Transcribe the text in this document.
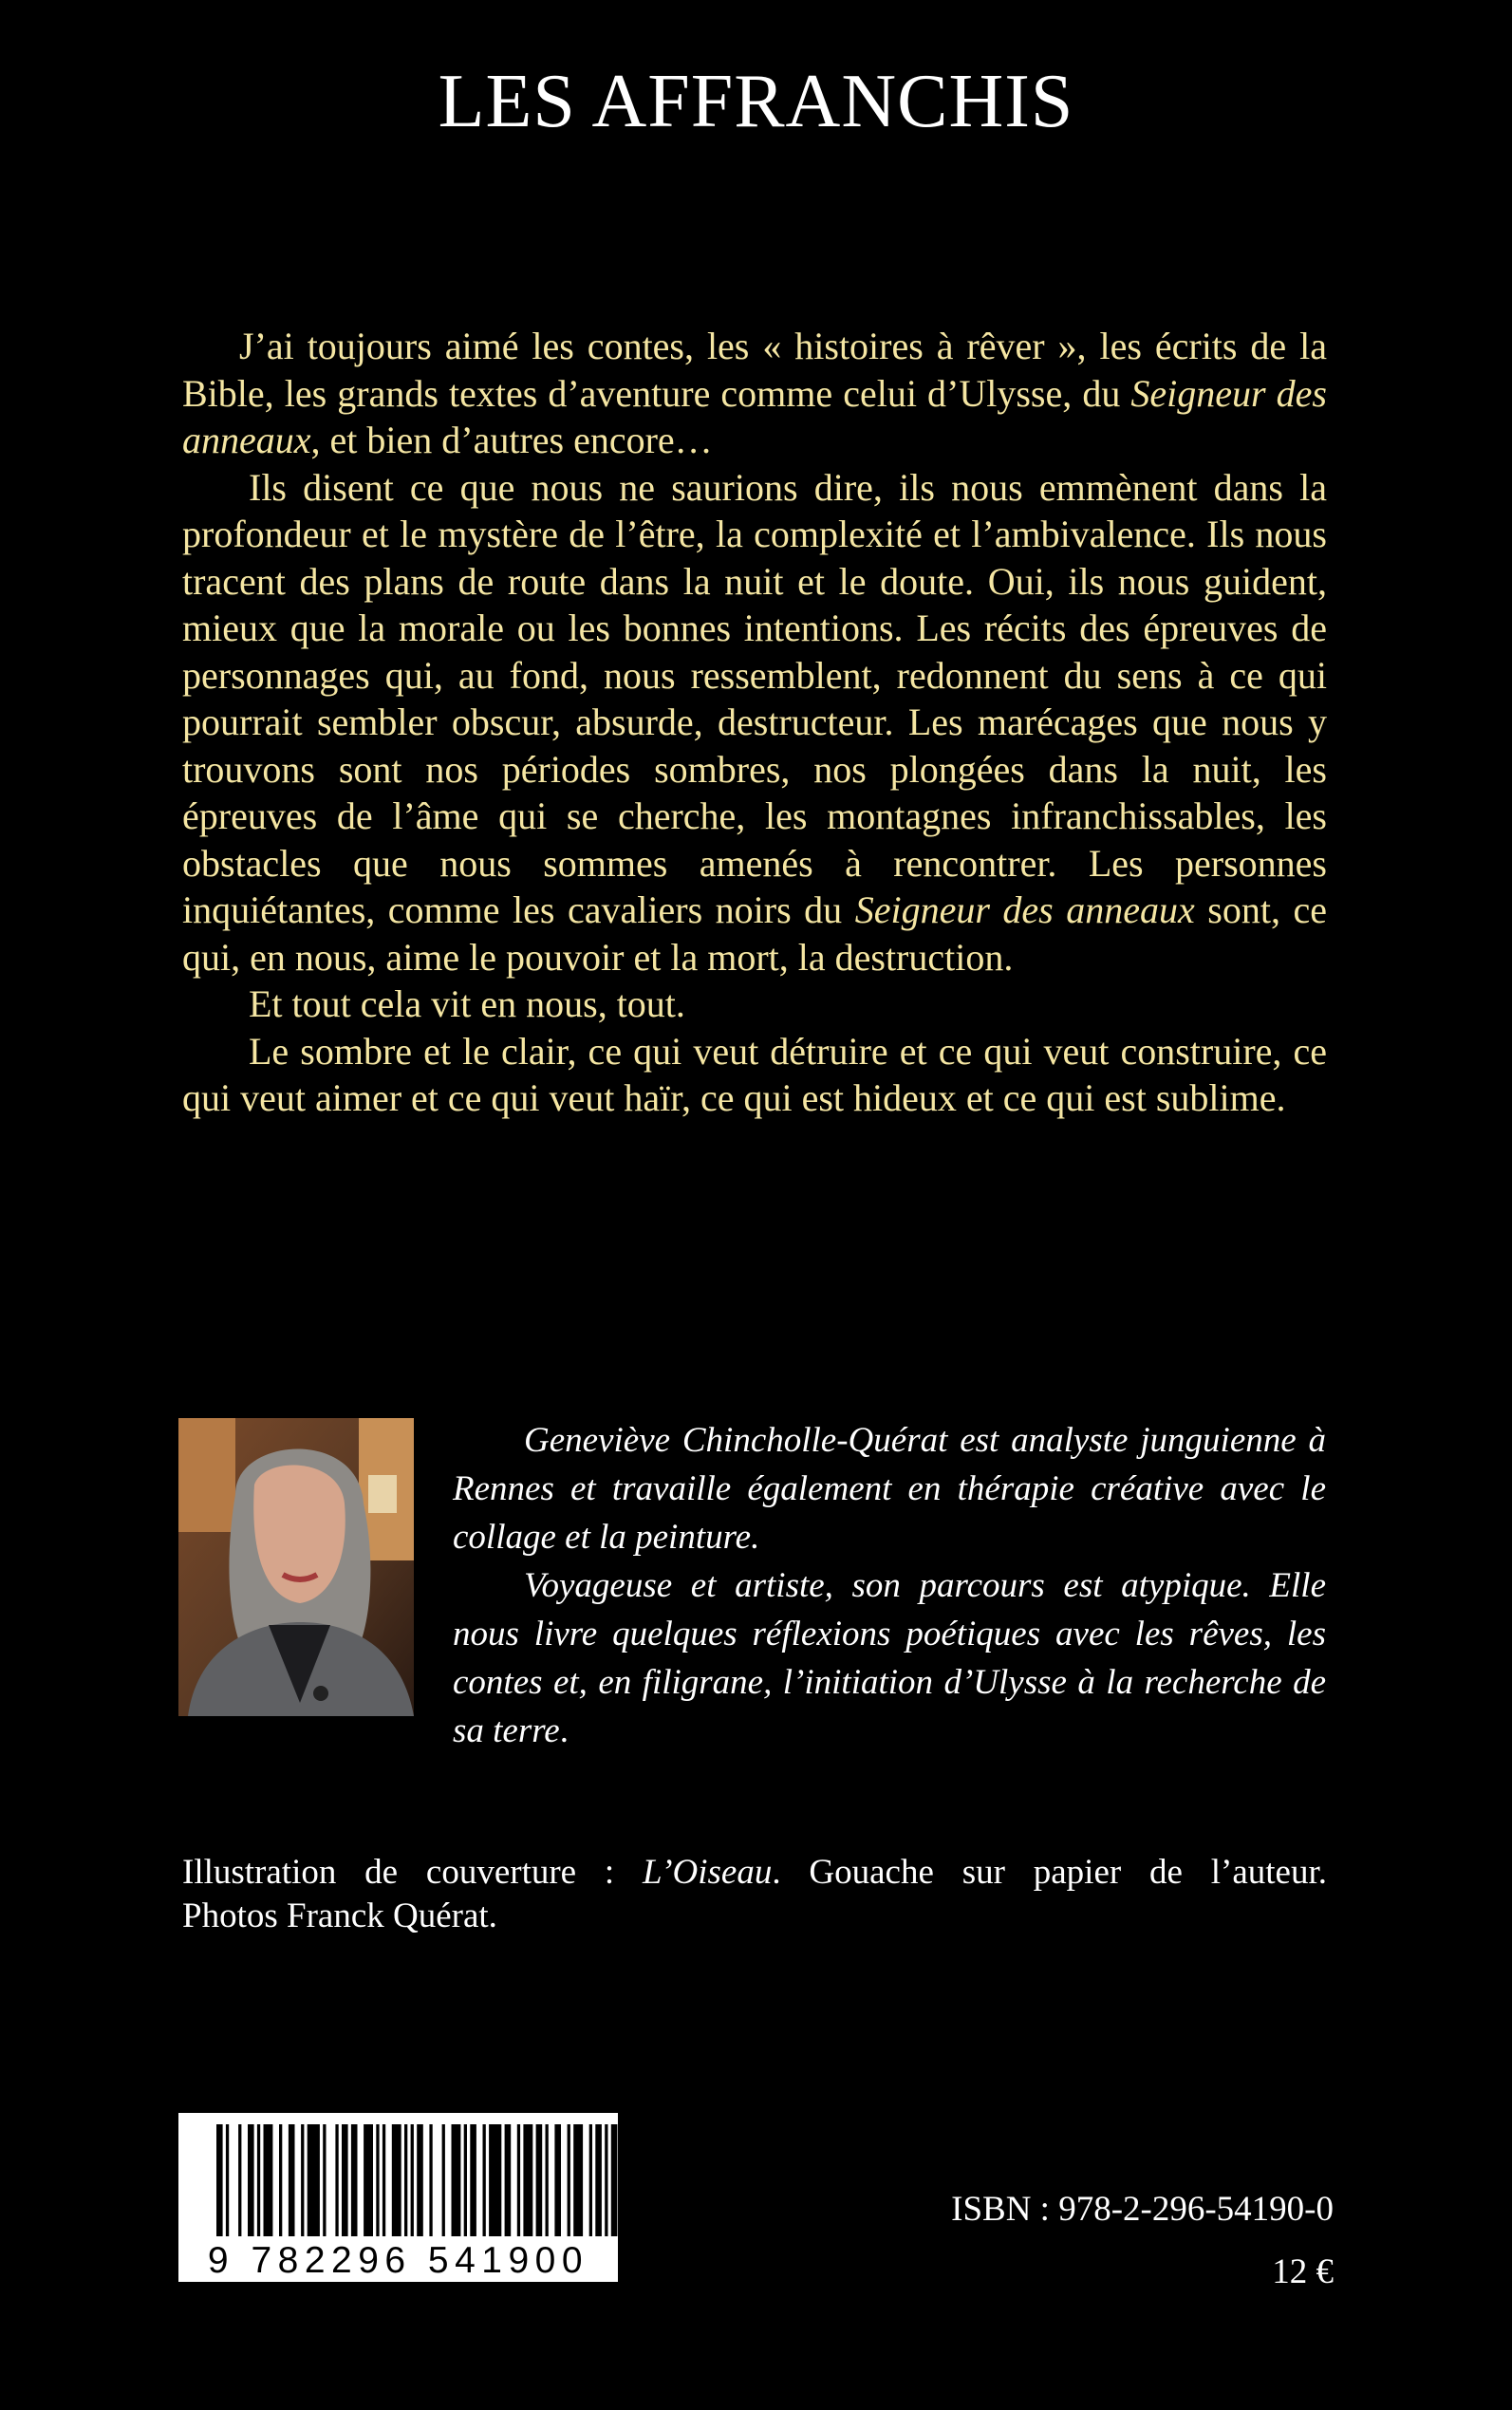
LES AFFRANCHIS

J’ai toujours aimé les contes, les « histoires à rêver », les écrits de la Bible, les grands textes d’aventure comme celui d’Ulysse, du Seigneur des anneaux, et bien d’autres encore…

Ils disent ce que nous ne saurions dire, ils nous emmènent dans la profondeur et le mystère de l’être, la complexité et l’ambivalence. Ils nous tracent des plans de route dans la nuit et le doute. Oui, ils nous guident, mieux que la morale ou les bonnes intentions. Les récits des épreuves de personnages qui, au fond, nous ressemblent, redonnent du sens à ce qui pourrait sembler obscur, absurde, destructeur. Les marécages que nous y trouvons sont nos périodes sombres, nos plongées dans la nuit, les épreuves de l’âme qui se cherche, les montagnes infranchissables, les obstacles que nous sommes amenés à rencontrer. Les personnes inquiétantes, comme les cavaliers noirs du Seigneur des anneaux sont, ce qui, en nous, aime le pouvoir et la mort, la destruction.

Et tout cela vit en nous, tout.

Le sombre et le clair, ce qui veut détruire et ce qui veut construire, ce qui veut aimer et ce qui veut haïr, ce qui est hideux et ce qui est sublime.

Geneviève Chincholle-Quérat est analyste junguienne à Rennes et travaille également en thérapie créative avec le collage et la peinture.

Voyageuse et artiste, son parcours est atypique. Elle nous livre quelques réflexions poétiques avec les rêves, les contes et, en filigrane, l’initiation d’Ulysse à la recherche de sa terre.

Illustration de couverture : L’Oiseau. Gouache sur papier de l’auteur.
Photos Franck Quérat.
9 782296 541900
ISBN : 978-2-296-54190-0
12 €
